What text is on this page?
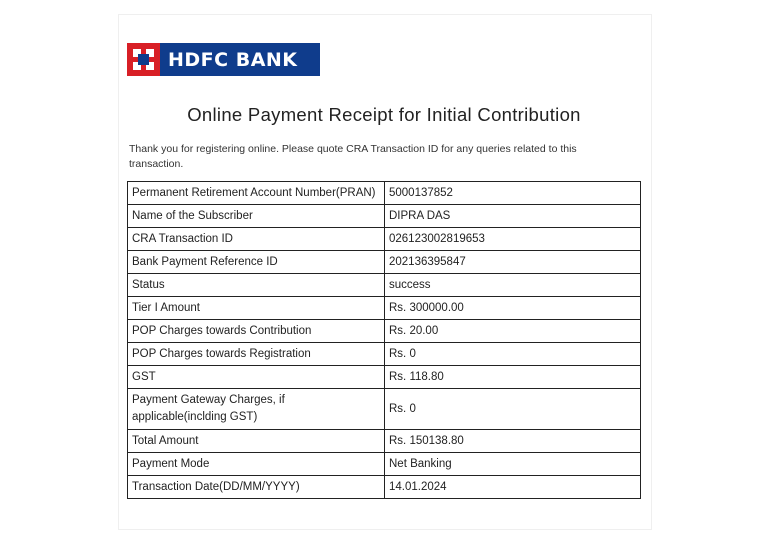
HDFC BANK
Online Payment Receipt for Initial Contribution
Thank you for registering online. Please quote CRA Transaction ID for any queries related to this transaction.
Permanent Retirement Account Number(PRAN)	5000137852
Name of the Subscriber	DIPRA DAS
CRA Transaction ID	026123002819653
Bank Payment Reference ID	202136395847
Status	success
Tier I Amount	Rs. 300000.00
POP Charges towards Contribution	Rs. 20.00
POP Charges towards Registration	Rs. 0
GST	Rs. 118.80
Payment Gateway Charges, if applicable(inclding GST)	Rs. 0
Total Amount	Rs. 150138.80
Payment Mode	Net Banking
Transaction Date(DD/MM/YYYY)	14.01.2024
